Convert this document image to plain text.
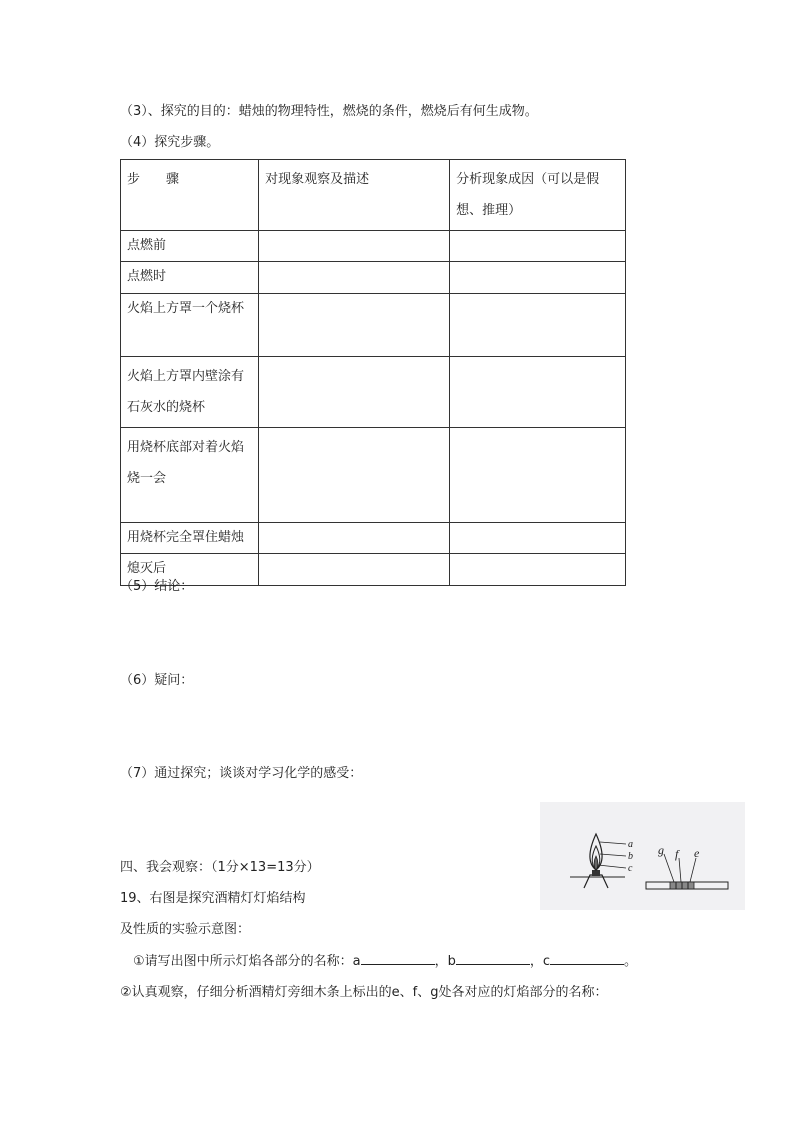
（3）、探究的目的：蜡烛的物理特性，燃烧的条件，燃烧后有何生成物。
（4）探究步骤。
步　　骤	对现象观察及描述	分析现象成因（可以是假想、推理）
点燃前		
点燃时		
火焰上方罩一个烧杯		
火焰上方罩内壁涂有石灰水的烧杯		
用烧杯底部对着火焰烧一会		
用烧杯完全罩住蜡烛		
熄灭后		
（5）结论：
（6）疑问：
（7）通过探究；谈谈对学习化学的感受：
a
b
c
g f e
四、我会观察：（1分×13=13分）
19、右图是探究酒精灯灯焰结构
及性质的实验示意图：
①请写出图中所示灯焰各部分的名称：a	，b	，c	。
②认真观察，仔细分析酒精灯旁细木条上标出的e、f、g处各对应的灯焰部分的名称：
